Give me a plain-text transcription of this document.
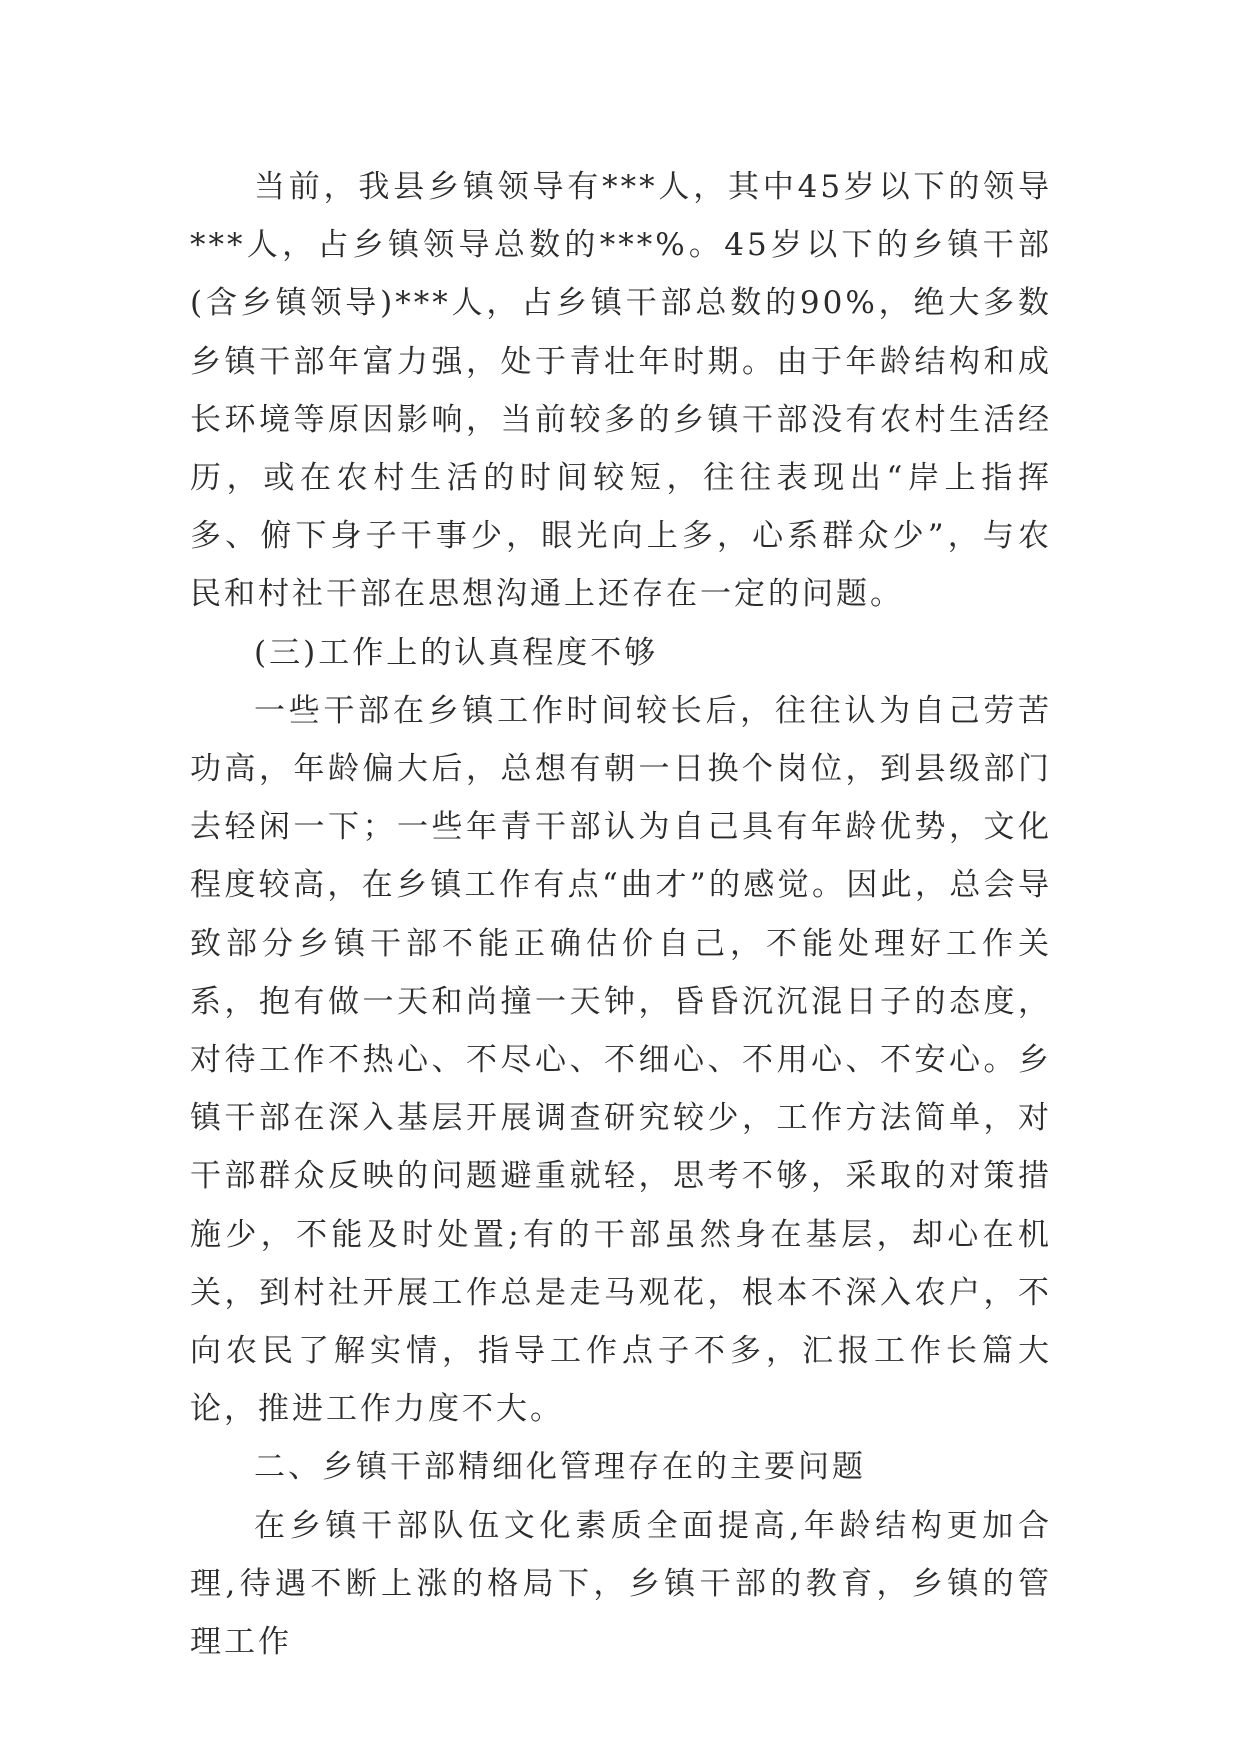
当前，我县乡镇领导有***人，其中45岁以下的领导***人，占乡镇领导总数的***%。45岁以下的乡镇干部(含乡镇领导)***人，占乡镇干部总数的90%，绝大多数乡镇干部年富力强，处于青壮年时期。由于年龄结构和成长环境等原因影响，当前较多的乡镇干部没有农村生活经历，或在农村生活的时间较短，往往表现出“岸上指挥多、俯下身子干事少，眼光向上多，心系群众少”，与农民和村社干部在思想沟通上还存在一定的问题。

(三)工作上的认真程度不够

一些干部在乡镇工作时间较长后，往往认为自己劳苦功高，年龄偏大后，总想有朝一日换个岗位，到县级部门去轻闲一下；一些年青干部认为自己具有年龄优势，文化程度较高，在乡镇工作有点“曲才”的感觉。因此，总会导致部分乡镇干部不能正确估价自己，不能处理好工作关系，抱有做一天和尚撞一天钟，昏昏沉沉混日子的态度，对待工作不热心、不尽心、不细心、不用心、不安心。乡镇干部在深入基层开展调查研究较少，工作方法简单，对干部群众反映的问题避重就轻，思考不够，采取的对策措施少，不能及时处置;有的干部虽然身在基层，却心在机关，到村社开展工作总是走马观花，根本不深入农户，不向农民了解实情，指导工作点子不多，汇报工作长篇大论，推进工作力度不大。

二、乡镇干部精细化管理存在的主要问题

在乡镇干部队伍文化素质全面提高,年龄结构更加合理,待遇不断上涨的格局下，乡镇干部的教育，乡镇的管理工作
